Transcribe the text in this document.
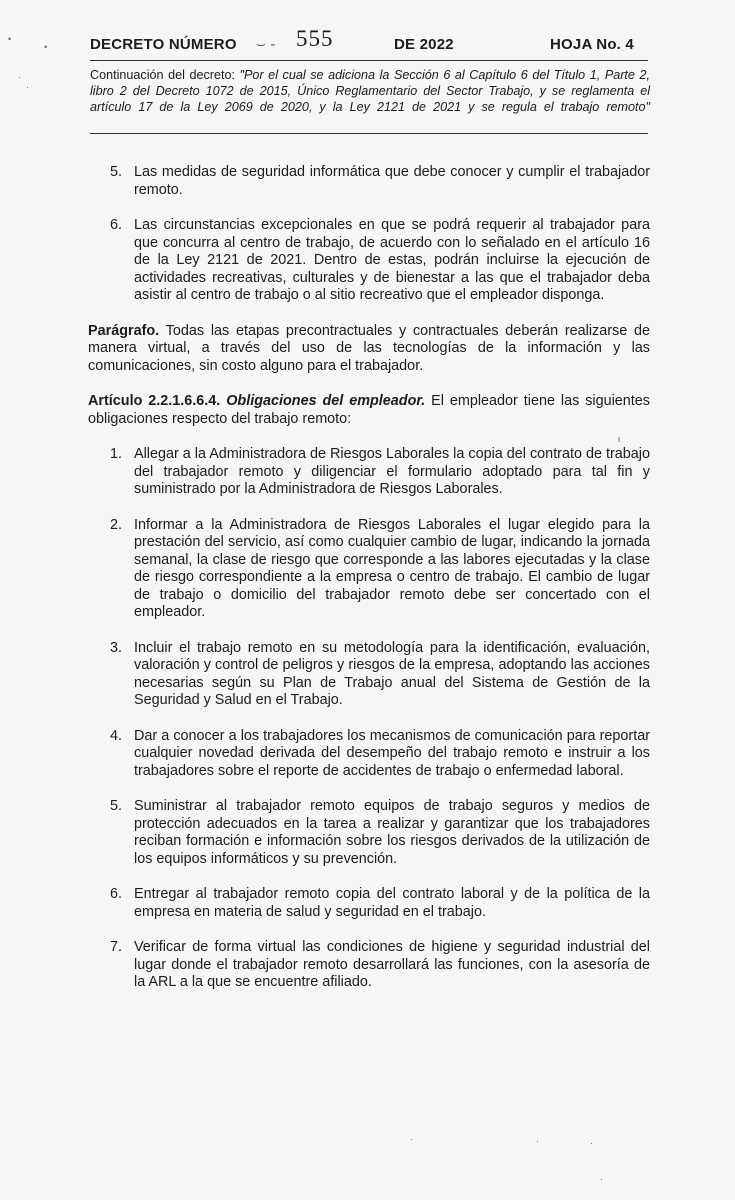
•
•
·
·
ι
·	·	·
·
DECRETO NÚMERO ⌣ - 555	DE 2022	HOJA No. 4
Continuación del decreto: "Por el cual se adiciona la Sección 6 al Capítulo 6 del Título 1, Parte 2, libro 2 del Decreto 1072 de 2015, Único Reglamentario del Sector Trabajo, y se reglamenta el artículo 17 de la Ley 2069 de 2020, y la Ley 2121 de 2021 y se regula el trabajo remoto"
5. Las medidas de seguridad informática que debe conocer y cumplir el trabajador remoto.
6. Las circunstancias excepcionales en que se podrá requerir al trabajador para que concurra al centro de trabajo, de acuerdo con lo señalado en el artículo 16 de la Ley 2121 de 2021. Dentro de estas, podrán incluirse la ejecución de actividades recreativas, culturales y de bienestar a las que el trabajador deba asistir al centro de trabajo o al sitio recreativo que el empleador disponga.
Parágrafo. Todas las etapas precontractuales y contractuales deberán realizarse de manera virtual, a través del uso de las tecnologías de la información y las comunicaciones, sin costo alguno para el trabajador.
Artículo 2.2.1.6.6.4. Obligaciones del empleador. El empleador tiene las siguientes obligaciones respecto del trabajo remoto:
1. Allegar a la Administradora de Riesgos Laborales la copia del contrato de trabajo del trabajador remoto y diligenciar el formulario adoptado para tal fin y suministrado por la Administradora de Riesgos Laborales.
2. Informar a la Administradora de Riesgos Laborales el lugar elegido para la prestación del servicio, así como cualquier cambio de lugar, indicando la jornada semanal, la clase de riesgo que corresponde a las labores ejecutadas y la clase de riesgo correspondiente a la empresa o centro de trabajo. El cambio de lugar de trabajo o domicilio del trabajador remoto debe ser concertado con el empleador.
3. Incluir el trabajo remoto en su metodología para la identificación, evaluación, valoración y control de peligros y riesgos de la empresa, adoptando las acciones necesarias según su Plan de Trabajo anual del Sistema de Gestión de la Seguridad y Salud en el Trabajo.
4. Dar a conocer a los trabajadores los mecanismos de comunicación para reportar cualquier novedad derivada del desempeño del trabajo remoto e instruir a los trabajadores sobre el reporte de accidentes de trabajo o enfermedad laboral.
5. Suministrar al trabajador remoto equipos de trabajo seguros y medios de protección adecuados en la tarea a realizar y garantizar que los trabajadores reciban formación e información sobre los riesgos derivados de la utilización de los equipos informáticos y su prevención.
6. Entregar al trabajador remoto copia del contrato laboral y de la política de la empresa en materia de salud y seguridad en el trabajo.
7. Verificar de forma virtual las condiciones de higiene y seguridad industrial del lugar donde el trabajador remoto desarrollará las funciones, con la asesoría de la ARL a la que se encuentre afiliado.
